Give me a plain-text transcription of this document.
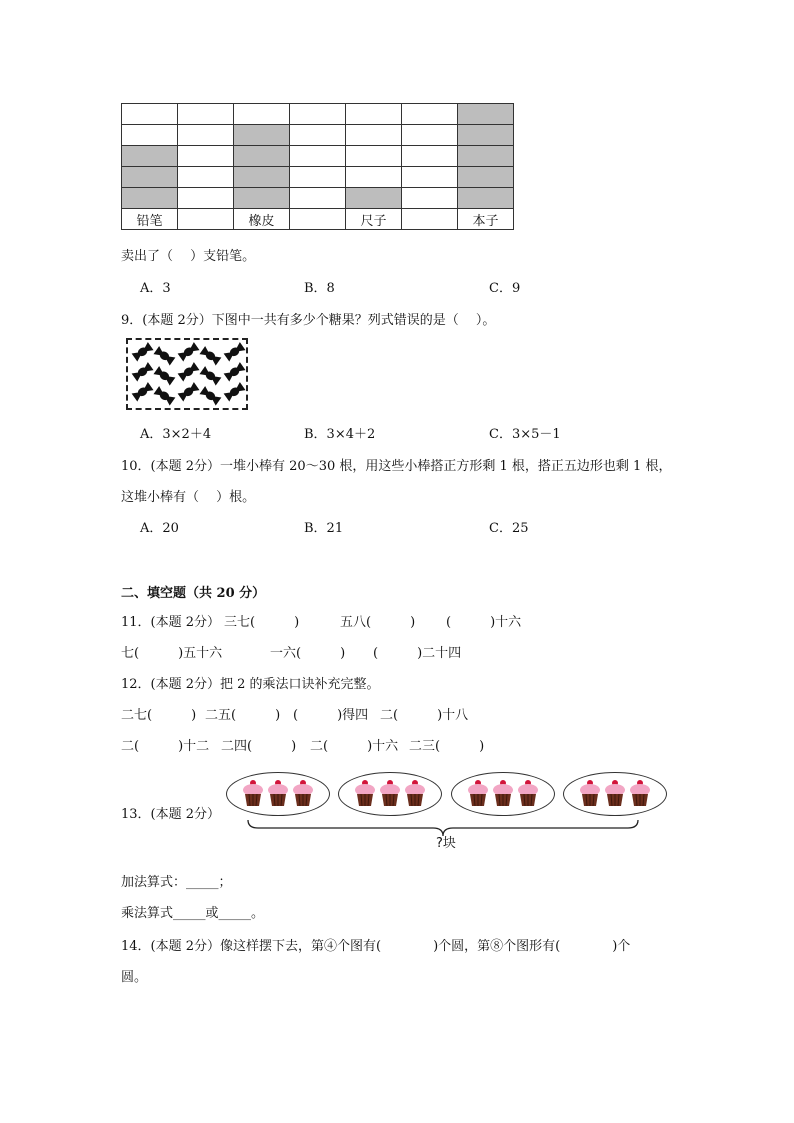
铅笔		橡皮		尺子		本子
卖出了（　 ）支铅笔。
A．3	B．8	C．9
9．(本题 2分）下图中一共有多少个糖果？列式错误的是（　 ）。
A．3×2＋4	B．3×4＋2	C．3×5－1
10．(本题 2分）一堆小棒有 20～30 根，用这些小棒搭正方形剩 1 根，搭正五边形也剩 1 根，
这堆小棒有（　 ）根。
A．20	B．21	C．25
二、填空题（共 20 分）
11．(本题 2分） 三七(　　　)	五八(　　　) (　　　)十六
七(　　　)五十六	一六(　　　) (　　　)二十四
12．(本题 2分）把 2 的乘法口诀补充完整。
二七(　　　) 二五(　　　) (　　　)得四 二(　　　)十八
二(　　　)十二 二四(　　　) 二(　　　)十六 二三(　　　)
13．(本题 2分）
?块
加法算式：_____；
乘法算式_____或_____。
14．(本题 2分）像这样摆下去，第④个图有(　　　　)个圆，第⑧个图形有(　　　　)个
圆。
